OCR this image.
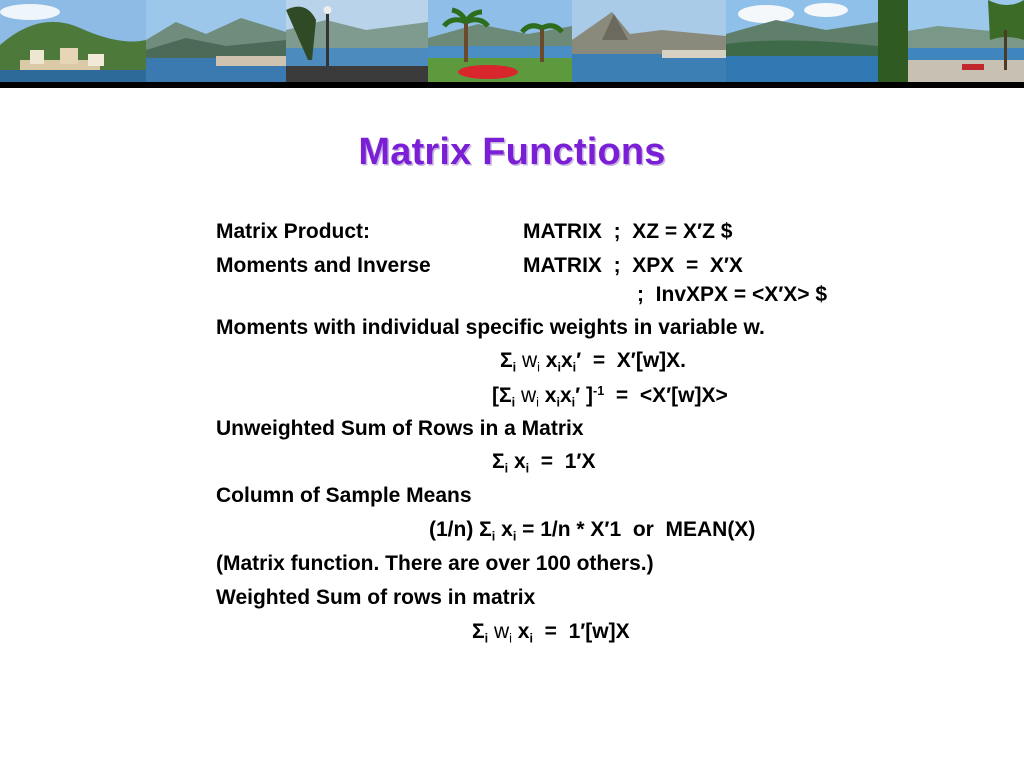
Matrix Functions
Matrix Product:	MATRIX  ;  XZ = X′Z $
Moments and Inverse	MATRIX  ;  XPX  =  X′X
;  InvXPX = <X′X> $
Moments with individual specific weights in variable w.
$\Sigma_i$ $w_i$ $x_ix_i' = X'[w]X$.
[$\Sigma_i$ $w_i$ $x_ix_i'$ ]$^{-1}$  =  <X′[w]X>
Unweighted Sum of Rows in a Matrix
$\Sigma_i$ $x_i = 1'X$
Column of Sample Means
(1/n) $\Sigma_i$ $x_i = 1/n * X'1$  or  MEAN(X)
(Matrix function. There are over 100 others.)
Weighted Sum of rows in matrix
$\Sigma_i$ $w_i$ $x_i = 1'[w]X$
